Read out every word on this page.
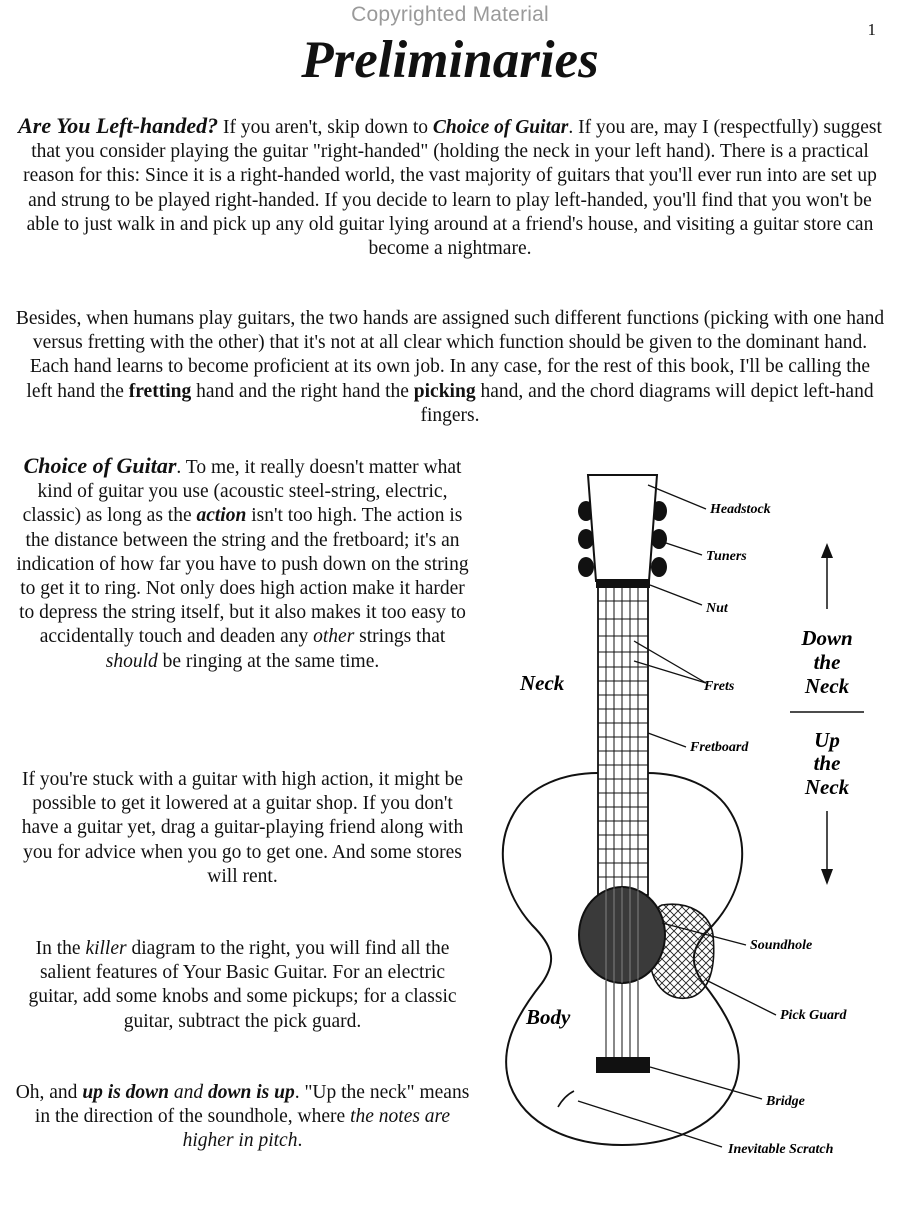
Copyrighted Material
1
Preliminaries

Are You Left-handed? If you aren't, skip down to Choice of Guitar. If you are, may I (respectfully) suggest that you consider playing the guitar "right-handed" (holding the neck in your left hand). There is a practical reason for this: Since it is a right-handed world, the vast majority of guitars that you'll ever run into are set up and strung to be played right-handed. If you decide to learn to play left-handed, you'll find that you won't be able to just walk in and pick up any old guitar lying around at a friend's house, and visiting a guitar store can become a nightmare.

Besides, when humans play guitars, the two hands are assigned such different functions (picking with one hand versus fretting with the other) that it's not at all clear which function should be given to the dominant hand. Each hand learns to become proficient at its own job. In any case, for the rest of this book, I'll be calling the left hand the fretting hand and the right hand the picking hand, and the chord diagrams will depict left-hand fingers.

Choice of Guitar. To me, it really doesn't matter what kind of guitar you use (acoustic steel-string, electric, classic) as long as the action isn't too high. The action is the distance between the string and the fretboard; it's an indication of how far you have to push down on the string to get it to ring. Not only does high action make it harder to depress the string itself, but it also makes it too easy to accidentally touch and deaden any other strings that should be ringing at the same time.

If you're stuck with a guitar with high action, it might be possible to get it lowered at a guitar shop. If you don't have a guitar yet, drag a guitar-playing friend along with you for advice when you go to get one. And some stores will rent.

In the killer diagram to the right, you will find all the salient features of Your Basic Guitar. For an electric guitar, add some knobs and some pickups; for a classic guitar, subtract the pick guard.

Oh, and up is down and down is up. "Up the neck" means in the direction of the soundhole, where the notes are higher in pitch.

Headstock
Tuners
Nut
Frets
Fretboard
Soundhole
Pick Guard
Bridge
Inevitable Scratch
Neck
Body
Down
the
Neck
Up
the
Neck
